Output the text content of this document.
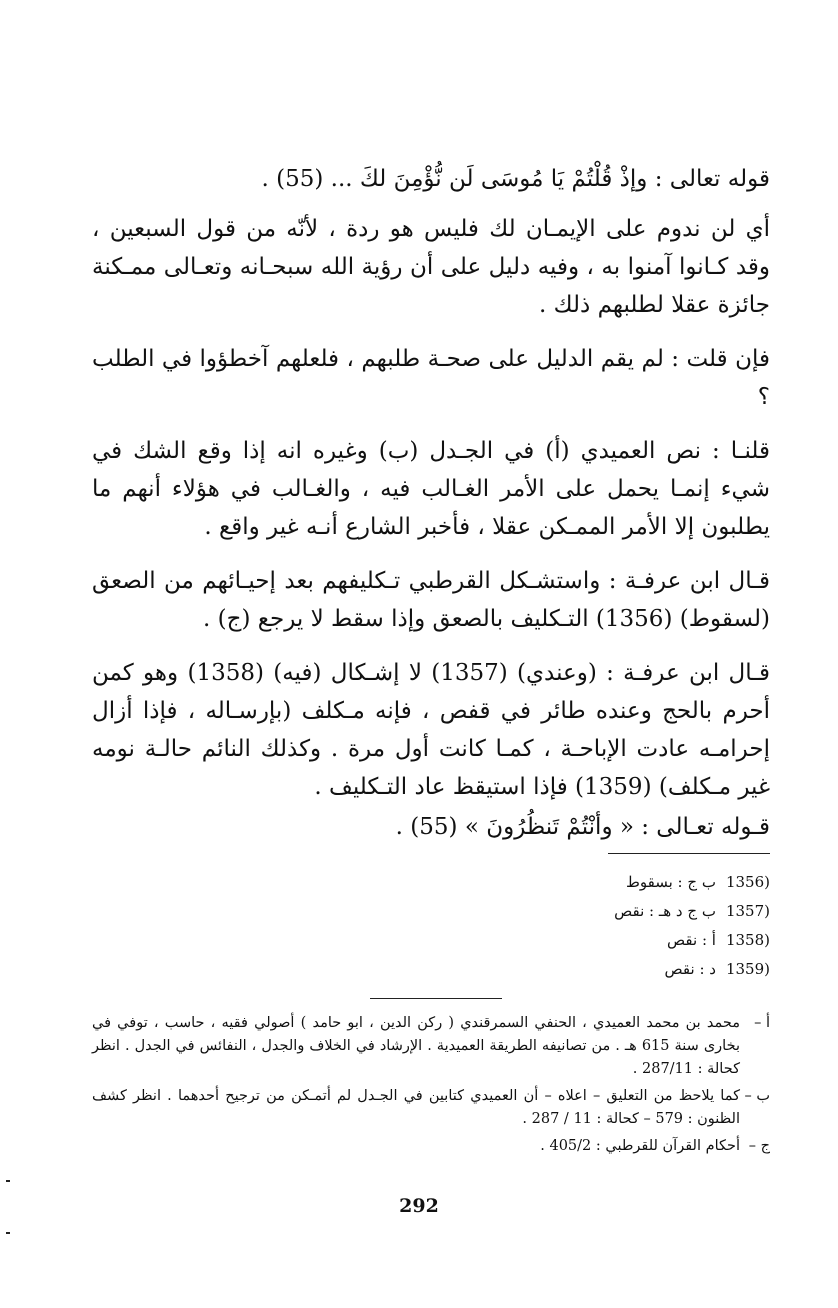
قوله تعالى : وإذْ قُلْتُمْ يَا مُوسَى لَن نُّؤْمِنَ لكَ ... (55) .

أي لن ندوم على الإيمـان لك فليس هو ردة ، لأنّه من قول السبعين ، وقد كـانوا آمنوا به ، وفيه دليل على أن رؤية الله سبحـانه وتعـالى ممـكنة جائزة عقلا لطلبهم ذلك .

فإن قلت : لم يقم الدليل على صحـة طلبهم ، فلعلهم آخطؤوا في الطلب ؟

قلنـا : نص العميدي (أ) في الجـدل (ب) وغيره انه إذا وقع الشك في شيء إنمـا يحمل على الأمر الغـالب فيه ، والغـالب في هؤلاء أنهم ما يطلبون إلا الأمر الممـكن عقلا ، فأخبر الشارع أنـه غير واقع .

قـال ابن عرفـة : واستشـكل القرطبي تـكليفهم بعد إحيـائهم من الصعق (لسقوط) (1356) التـكليف بالصعق وإذا سقط لا يرجع (ج) .

قـال ابن عرفـة : (وعندي) (1357) لا إشـكال (فيه) (1358) وهو كمن أحرم بالحج وعنده طائر في قفص ، فإنه مـكلف (بإرسـاله ، فإذا أزال إحرامـه عادت الإباحـة ، كمـا كانت أول مرة . وكذلك النائم حالـة نومه غير مـكلف) (1359) فإذا استيقظ عاد التـكليف .

قـوله تعـالى : « وأنْتُمْ تَنظُرُونَ » (55) .

(1356ب ج : بسقوط
(1357ب ج د هـ : نقص
(1358أ : نقص
(1359د : نقص
أ –
محمد بن محمد العميدي ، الحنفي السمرقندي ( ركن الدين ، ابو حامد ) أصولي فقيه ، حاسب ، توفي في بخارى سنة 615 هـ . من تصانيفه الطريقة العميدية . الإرشاد في الخلاف والجدل ، النفائس في الجدل . انظر كحالة : 287/11 .
ب –
كما يلاحظ من التعليق – اعلاه – أن العميدي كتابين في الجـدل لم أتمـكن من ترجيح أحدهما . انظر كشف الظنون : 579 – كحالة : 11 / 287 .
ج –
أحكام القرآن للقرطبي : 405/2 .
292
